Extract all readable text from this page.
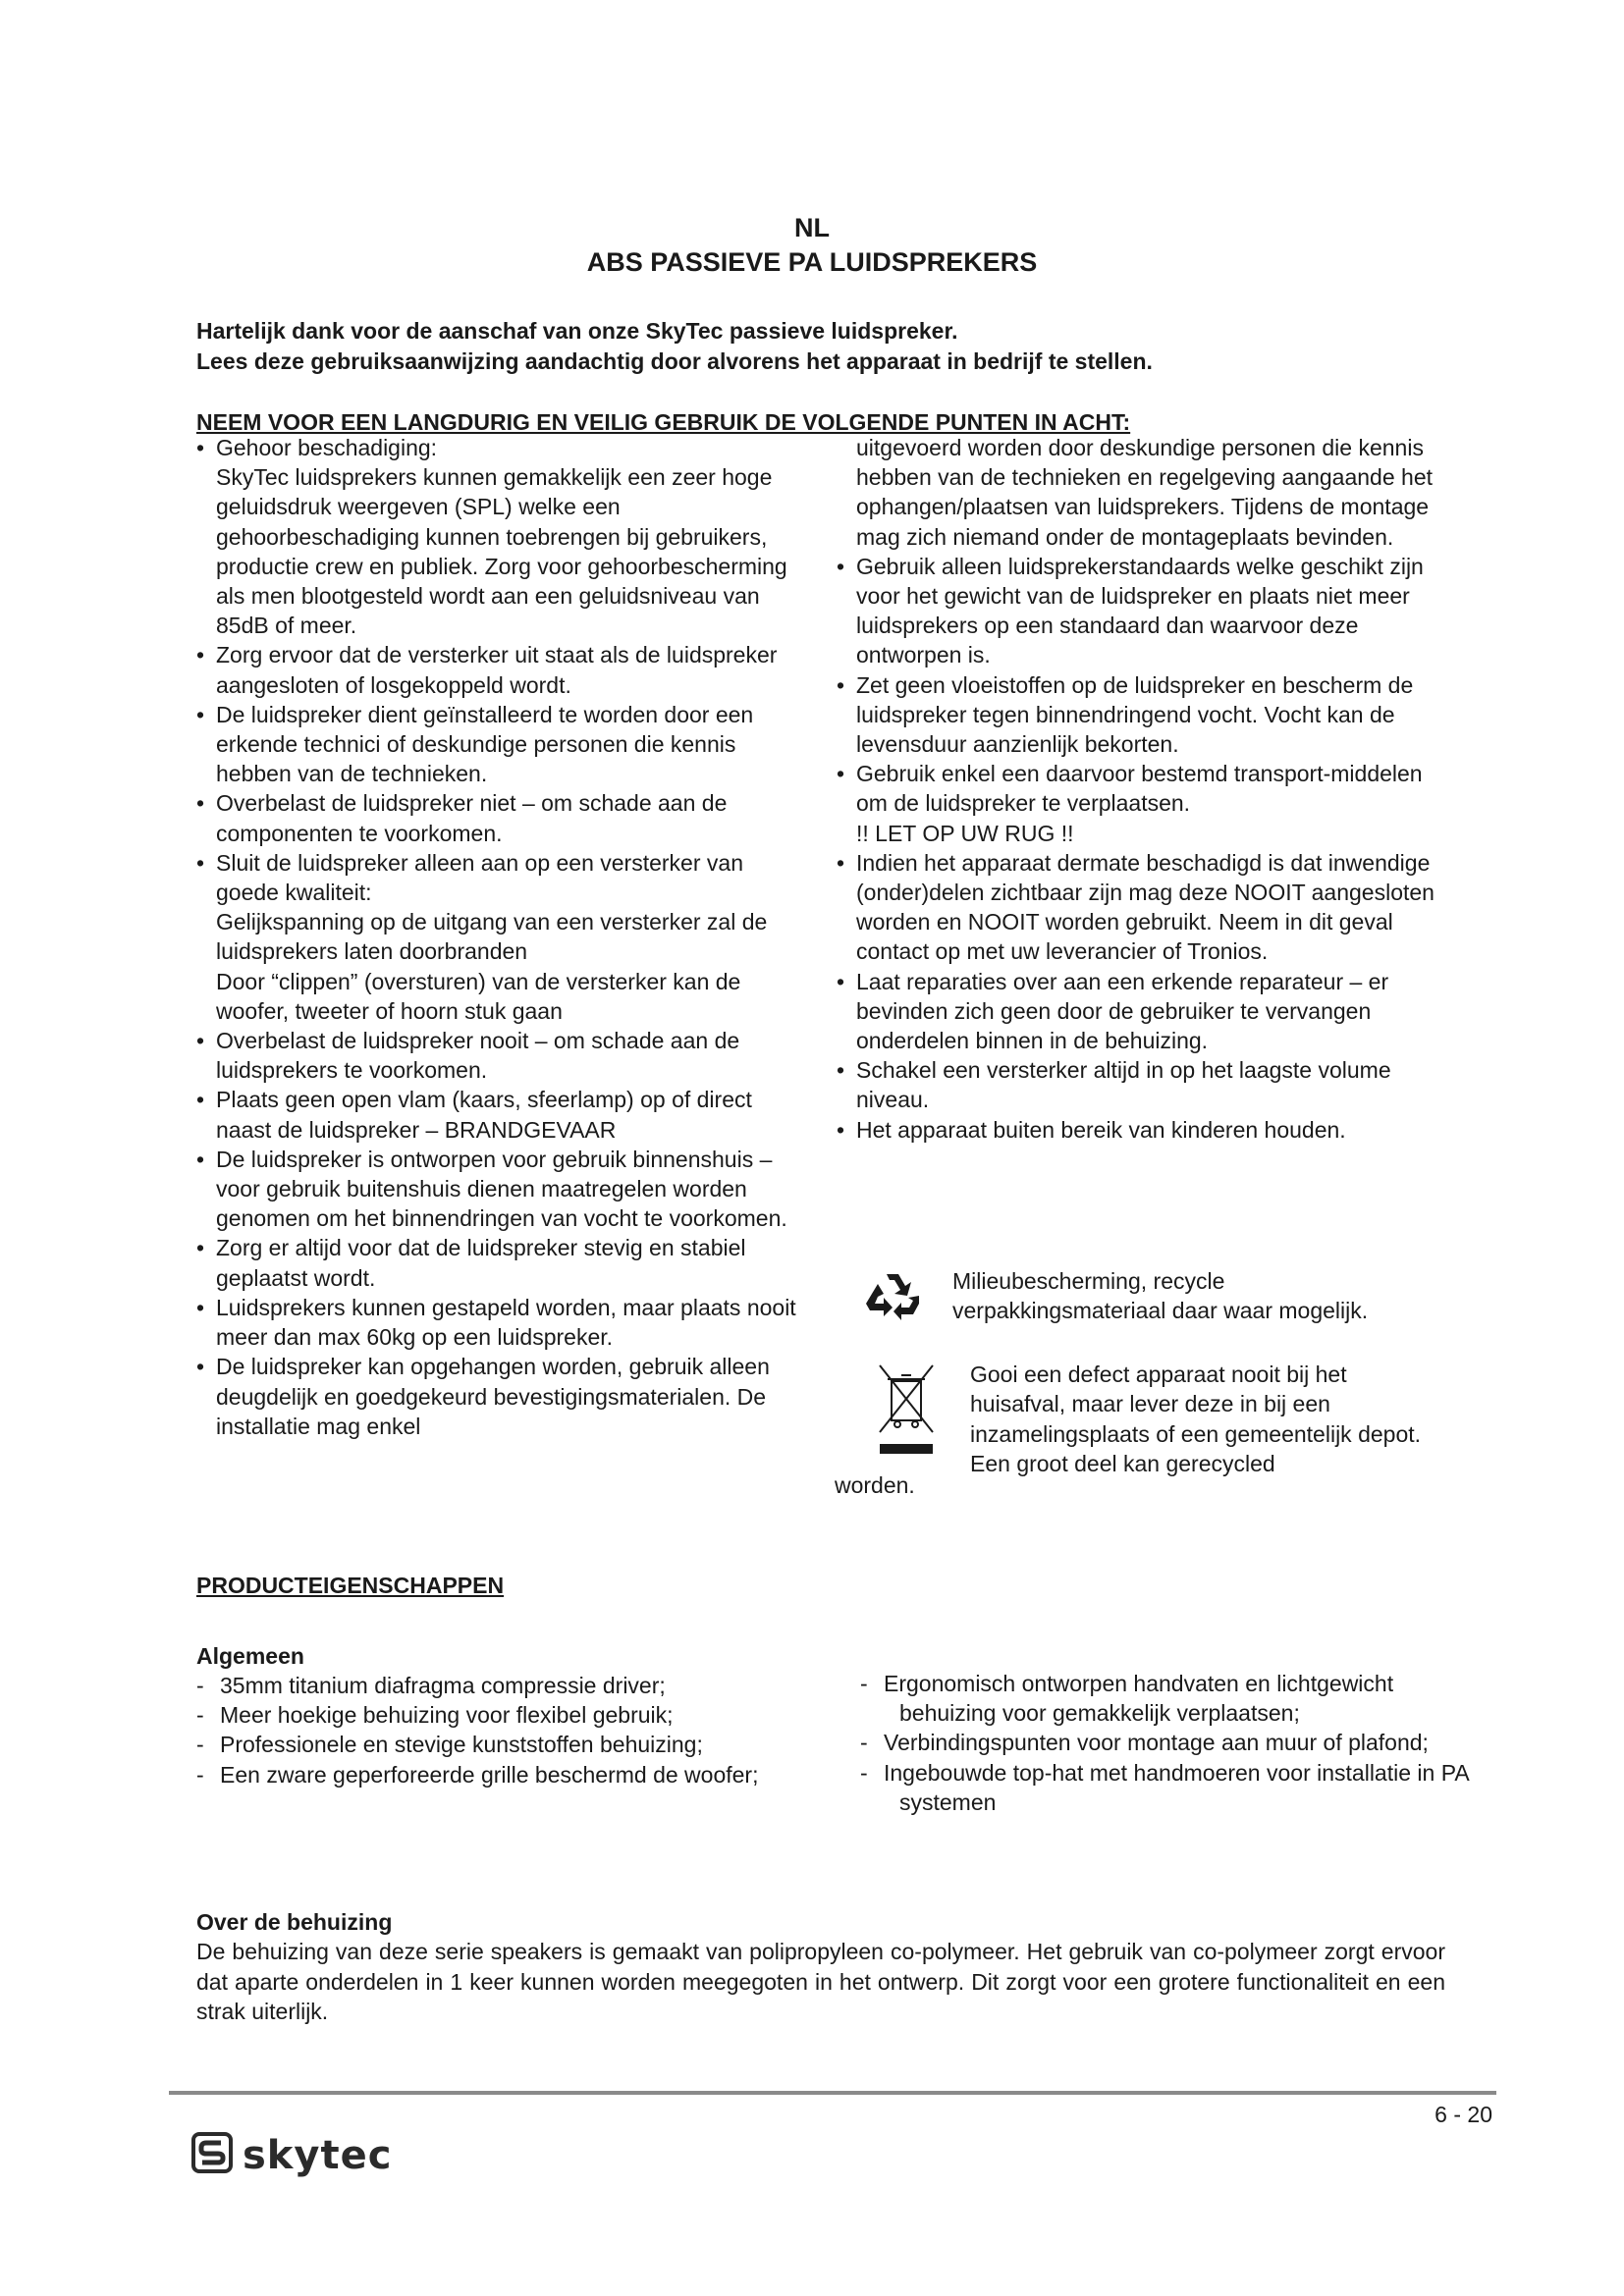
NL
ABS PASSIEVE PA LUIDSPREKERS
Hartelijk dank voor de aanschaf van onze SkyTec passieve luidspreker.
Lees deze gebruiksaanwijzing aandachtig door alvorens het apparaat in bedrijf te stellen.
NEEM VOOR EEN LANGDURIG EN VEILIG GEBRUIK DE VOLGENDE PUNTEN IN ACHT:
• Gehoor beschadiging:
SkyTec luidsprekers kunnen gemakkelijk een zeer hoge geluidsdruk weergeven (SPL) welke een gehoorbeschadiging kunnen toebrengen bij gebruikers, productie crew en publiek. Zorg voor gehoorbescherming als men blootgesteld wordt aan een geluidsniveau van 85dB of meer.
• Zorg ervoor dat de versterker uit staat als de luidspreker aangesloten of losgekoppeld wordt.
• De luidspreker dient geïnstalleerd te worden door een erkende technici of deskundige personen die kennis hebben van de technieken.
• Overbelast de luidspreker niet – om schade aan de componenten te voorkomen.
• Sluit de luidspreker alleen aan op een versterker van goede kwaliteit:
Gelijkspanning op de uitgang van een versterker zal de luidsprekers laten doorbranden
Door “clippen” (oversturen) van de versterker kan de woofer, tweeter of hoorn stuk gaan
• Overbelast de luidspreker nooit – om schade aan de luidsprekers te voorkomen.
• Plaats geen open vlam (kaars, sfeerlamp) op of direct naast de luidspreker – BRANDGEVAAR
• De luidspreker is ontworpen voor gebruik binnenshuis – voor gebruik buitenshuis dienen maatregelen worden genomen om het binnendringen van vocht te voorkomen.
• Zorg er altijd voor dat de luidspreker stevig en stabiel geplaatst wordt.
• Luidsprekers kunnen gestapeld worden, maar plaats nooit meer dan max 60kg op een luidspreker.
• De luidspreker kan opgehangen worden, gebruik alleen deugdelijk en goedgekeurd bevestigingsmaterialen. De installatie mag enkel
uitgevoerd worden door deskundige personen die kennis hebben van de technieken en regelgeving aangaande het ophangen/plaatsen van luidsprekers. Tijdens de montage mag zich niemand onder de montageplaats bevinden.
• Gebruik alleen luidsprekerstandaards welke geschikt zijn voor het gewicht van de luidspreker en plaats niet meer luidsprekers op een standaard dan waarvoor deze ontworpen is.
• Zet geen vloeistoffen op de luidspreker en bescherm de luidspreker tegen binnendringend vocht. Vocht kan de levensduur aanzienlijk bekorten.
• Gebruik enkel een daarvoor bestemd transport-middelen om de luidspreker te verplaatsen.
!! LET OP UW RUG !!
• Indien het apparaat dermate beschadigd is dat inwendige (onder)delen zichtbaar zijn mag deze NOOIT aangesloten worden en NOOIT worden gebruikt. Neem in dit geval contact op met uw leverancier of Tronios.
• Laat reparaties over aan een erkende reparateur – er bevinden zich geen door de gebruiker te vervangen onderdelen binnen in de behuizing.
• Schakel een versterker altijd in op het laagste volume niveau.
• Het apparaat buiten bereik van kinderen houden.
Milieubescherming, recycle verpakkingsmateriaal daar waar mogelijk.
Gooi een defect apparaat nooit bij het huisafval, maar lever deze in bij een inzamelingsplaats of een gemeentelijk depot. Een groot deel kan gerecycled
worden.
PRODUCTEIGENSCHAPPEN
Algemeen
- 35mm titanium diafragma compressie driver;
- Meer hoekige behuizing voor flexibel gebruik;
- Professionele en stevige kunststoffen behuizing;
- Een zware geperforeerde grille beschermd de woofer;
- Ergonomisch ontworpen handvaten en lichtgewicht behuizing voor gemakkelijk verplaatsen;
- Verbindingspunten voor montage aan muur of plafond;
- Ingebouwde top-hat met handmoeren voor installatie in PA systemen
Over de behuizing

De behuizing van deze serie speakers is gemaakt van polipropyleen co-polymeer. Het gebruik van co-polymeer zorgt ervoor dat aparte onderdelen in 1 keer kunnen worden meegegoten in het ontwerp. Dit zorgt voor een grotere functionaliteit en een strak uiterlijk.

6 - 20
skytec
